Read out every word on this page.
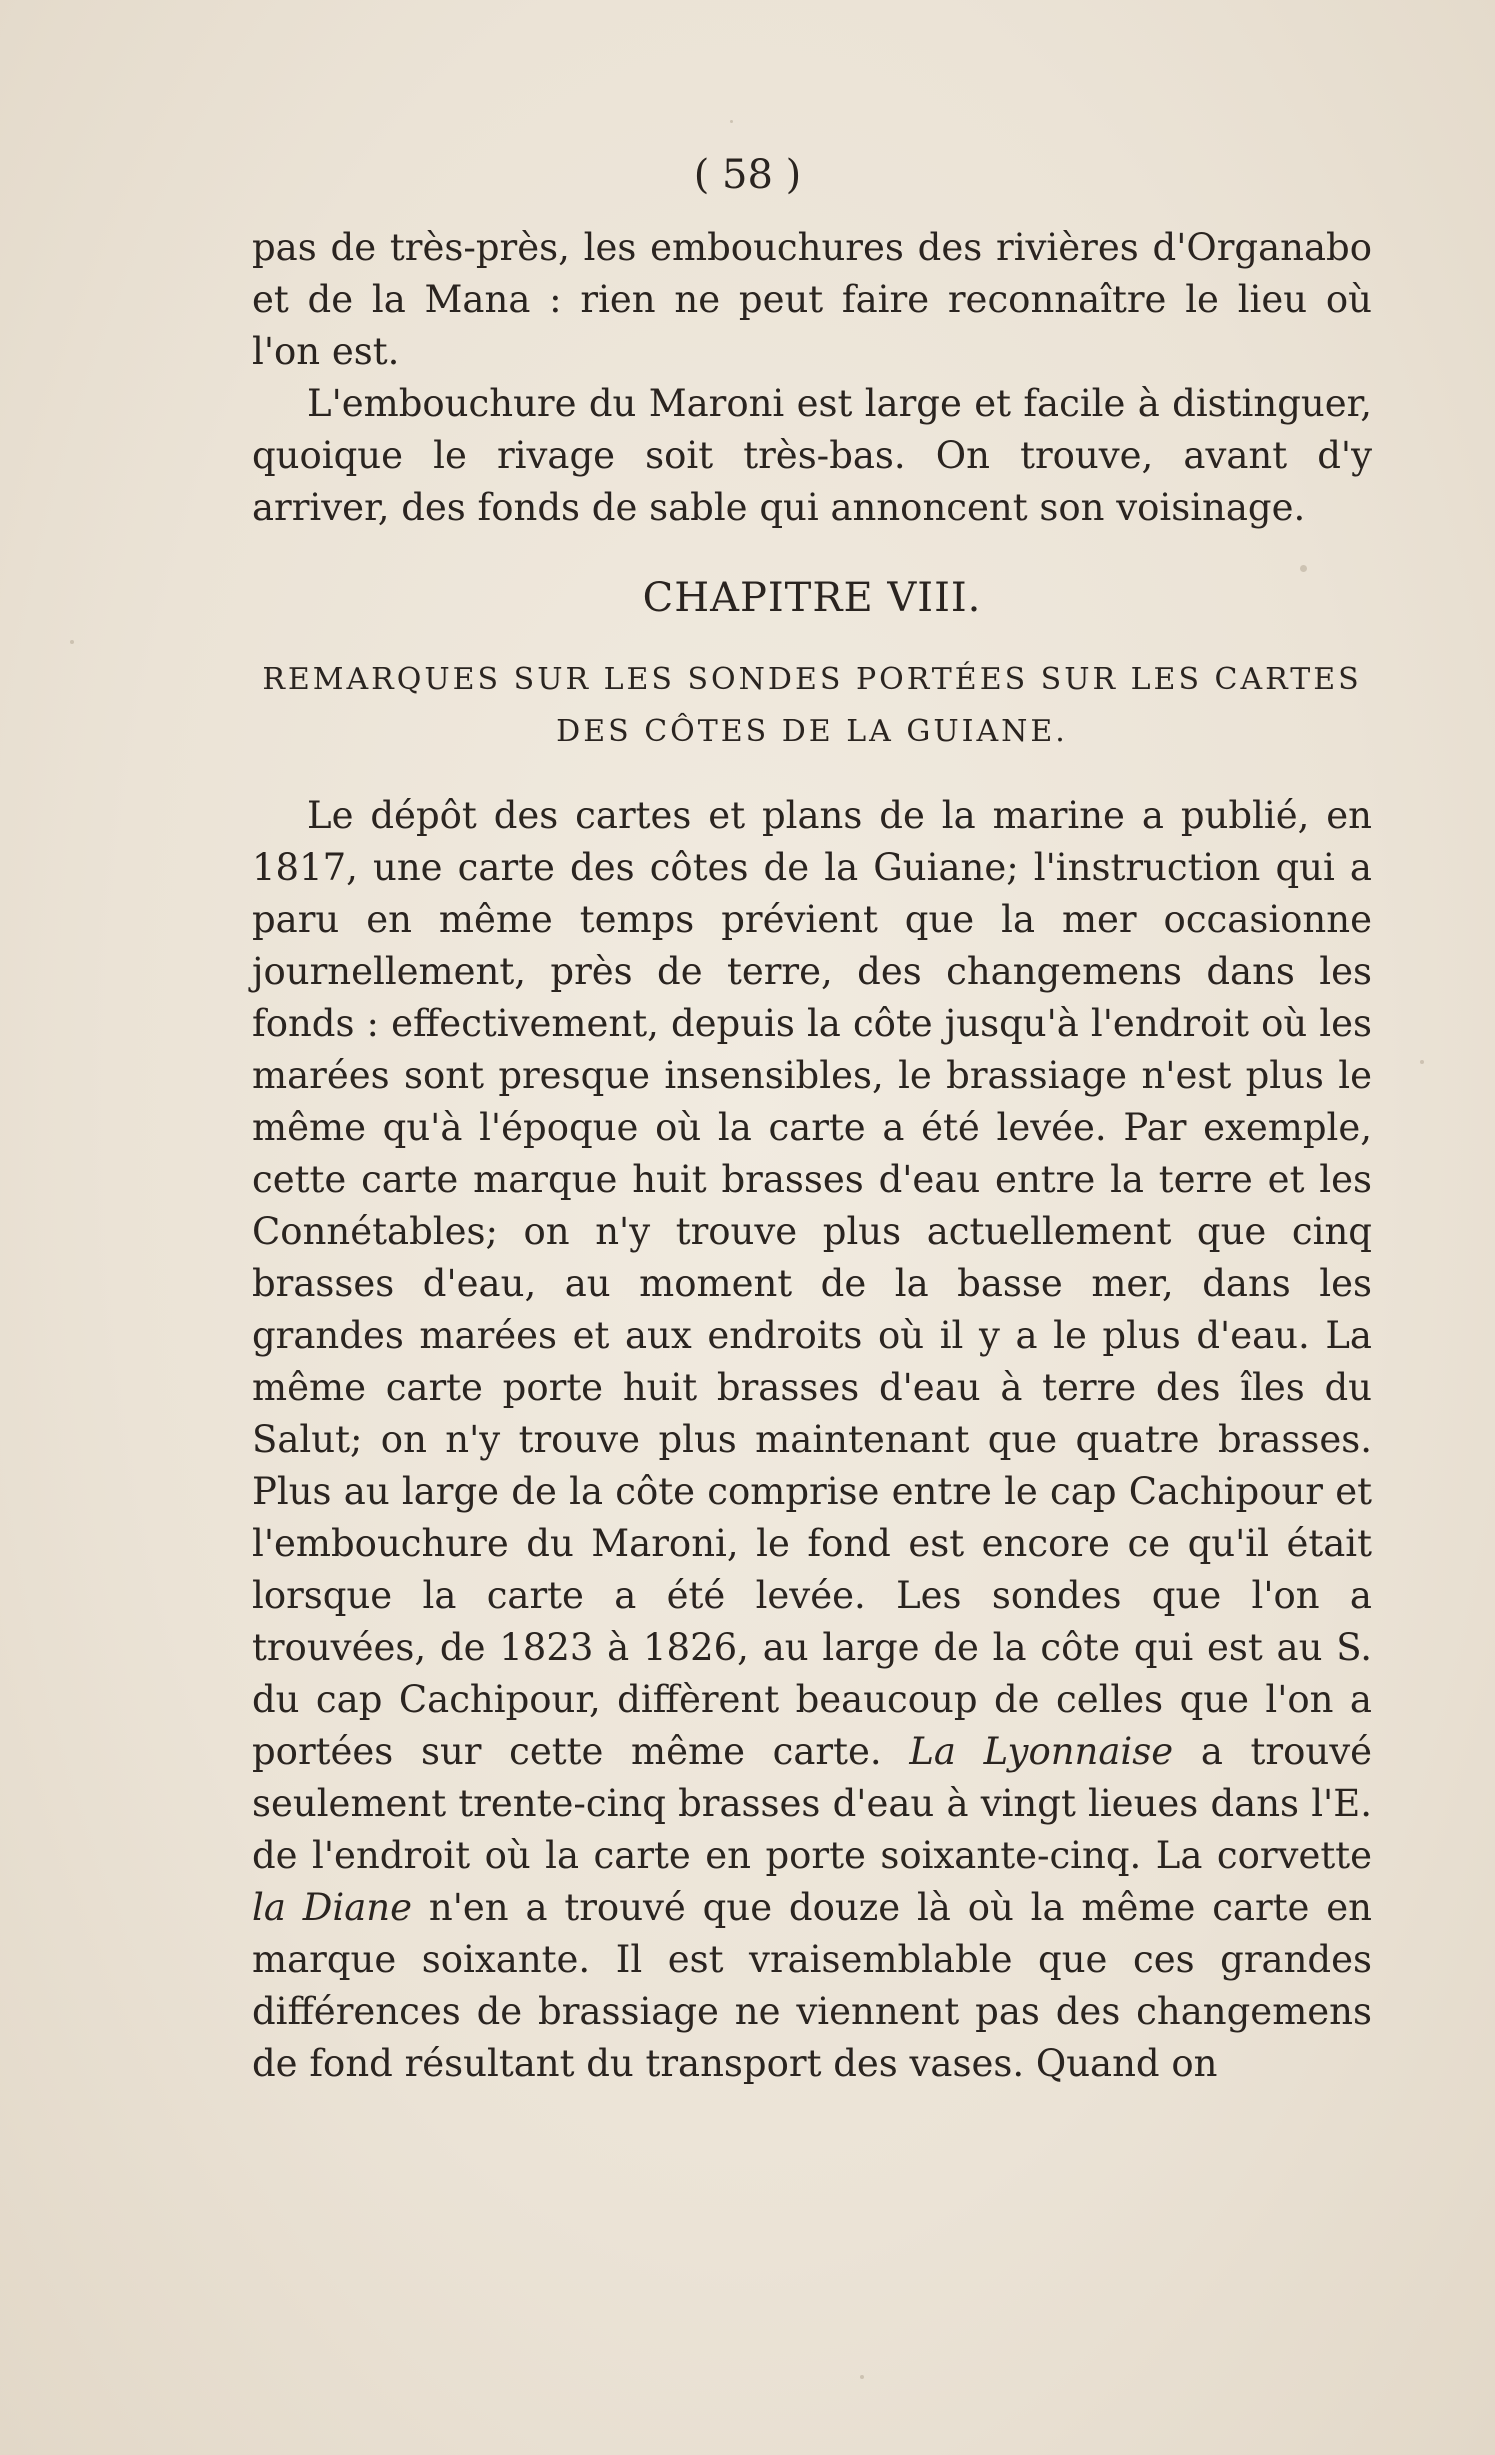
( 58 )

pas de très-près, les embouchures des rivières d'Organabo

et de la Mana : rien ne peut faire reconnaître le lieu où

l'on est.

L'embouchure du Maroni est large et facile à distinguer, quoique le rivage soit très-bas. On trouve, avant d'y arriver, des fonds de sable qui annoncent son voisinage.

CHAPITRE VIII.

REMARQUES SUR LES SONDES PORTÉES SUR LES CARTES

DES CÔTES DE LA GUIANE.

Le dépôt des cartes et plans de la marine a publié, en 1817, une carte des côtes de la Guiane; l'instruction qui a paru en même temps prévient que la mer occasionne journellement, près de terre, des changemens dans les fonds : effectivement, depuis la côte jusqu'à l'endroit où les marées sont presque insensibles, le brassiage n'est plus le même qu'à l'époque où la carte a été levée. Par exemple, cette carte marque huit brasses d'eau entre la terre et les Connétables; on n'y trouve plus actuellement que cinq brasses d'eau, au moment de la basse mer, dans les grandes marées et aux endroits où il y a le plus d'eau. La même carte porte huit brasses d'eau à terre des îles du Salut; on n'y trouve plus maintenant que quatre brasses. Plus au large de la côte comprise entre le cap Cachipour et l'embouchure du Maroni, le fond est encore ce qu'il était lorsque la carte a été levée. Les sondes que l'on a trouvées, de 1823 à 1826, au large de la côte qui est au S. du cap Cachipour, diffèrent beaucoup de celles que l'on a portées sur cette même carte. La Lyonnaise a trouvé seulement trente-cinq brasses d'eau à vingt lieues dans l'E. de l'endroit où la carte en porte soixante-cinq. La corvette la Diane n'en a trouvé que douze là où la même carte en marque soixante. Il est vraisemblable que ces grandes différences de brassiage ne viennent pas des changemens de fond résultant du transport des vases. Quand on
